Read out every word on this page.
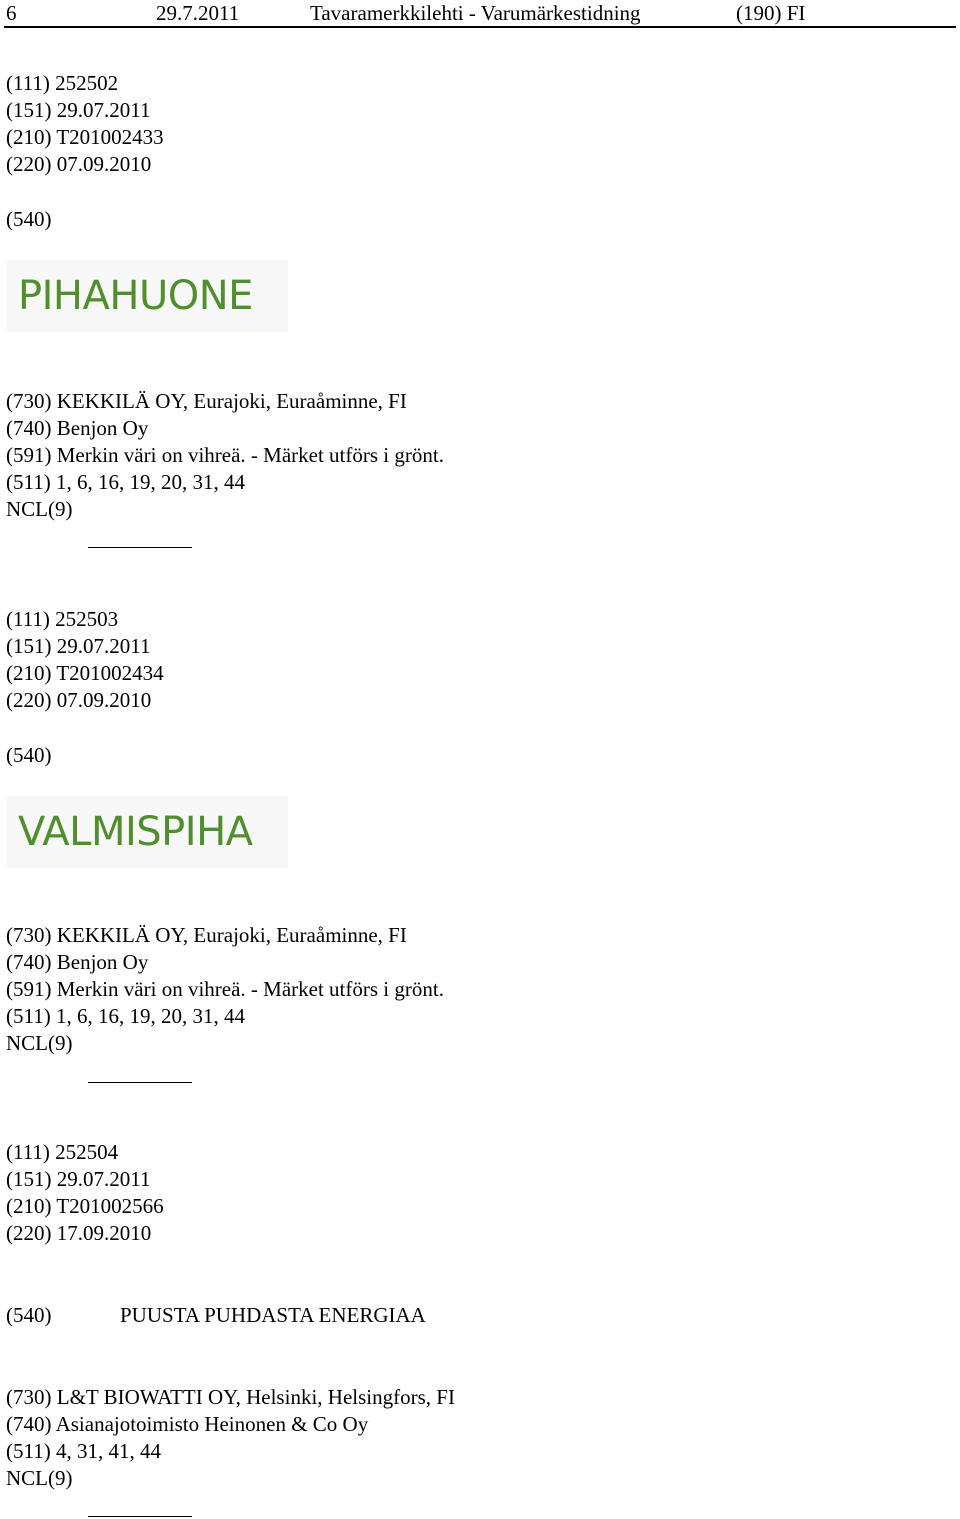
6	29.7.2011	Tavaramerkkilehti - Varumärkestidning	(190) FI
(111) 252502
(151) 29.07.2011
(210) T201002433
(220) 07.09.2010
(540)
PIHAHUONE
(730) KEKKILÄ OY, Eurajoki, Euraåminne, FI
(740) Benjon Oy
(591) Merkin väri on vihreä. - Märket utförs i grönt.
(511) 1, 6, 16, 19, 20, 31, 44
NCL(9)
(111) 252503
(151) 29.07.2011
(210) T201002434
(220) 07.09.2010
(540)
VALMISPIHA
(730) KEKKILÄ OY, Eurajoki, Euraåminne, FI
(740) Benjon Oy
(591) Merkin väri on vihreä. - Märket utförs i grönt.
(511) 1, 6, 16, 19, 20, 31, 44
NCL(9)
(111) 252504
(151) 29.07.2011
(210) T201002566
(220) 17.09.2010
(540)	PUUSTA PUHDASTA ENERGIAA
(730) L&T BIOWATTI OY, Helsinki, Helsingfors, FI
(740) Asianajotoimisto Heinonen & Co Oy
(511) 4, 31, 41, 44
NCL(9)
